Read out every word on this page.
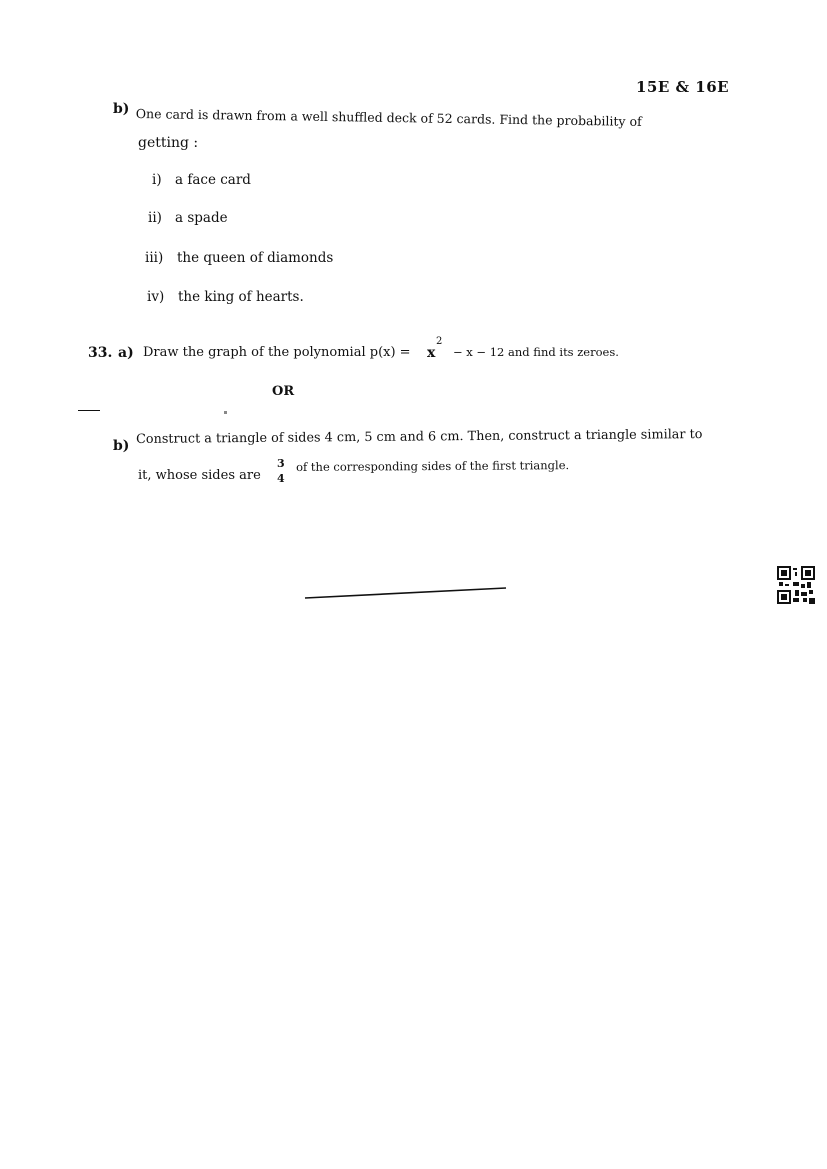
15E & 16E
b) One card is drawn from a well shuffled deck of 52 cards. Find the probability of
getting :
i) a face card
ii) a spade
iii) the queen of diamonds
iv) the king of hearts.
33. a) Draw the graph of the polynomial p(x) = x
2
− x − 12 and find its zeroes.
OR
b) Construct a triangle of sides 4 cm, 5 cm and 6 cm. Then, construct a triangle similar to
it, whose sides are
3
4
of the corresponding sides of the first triangle.
